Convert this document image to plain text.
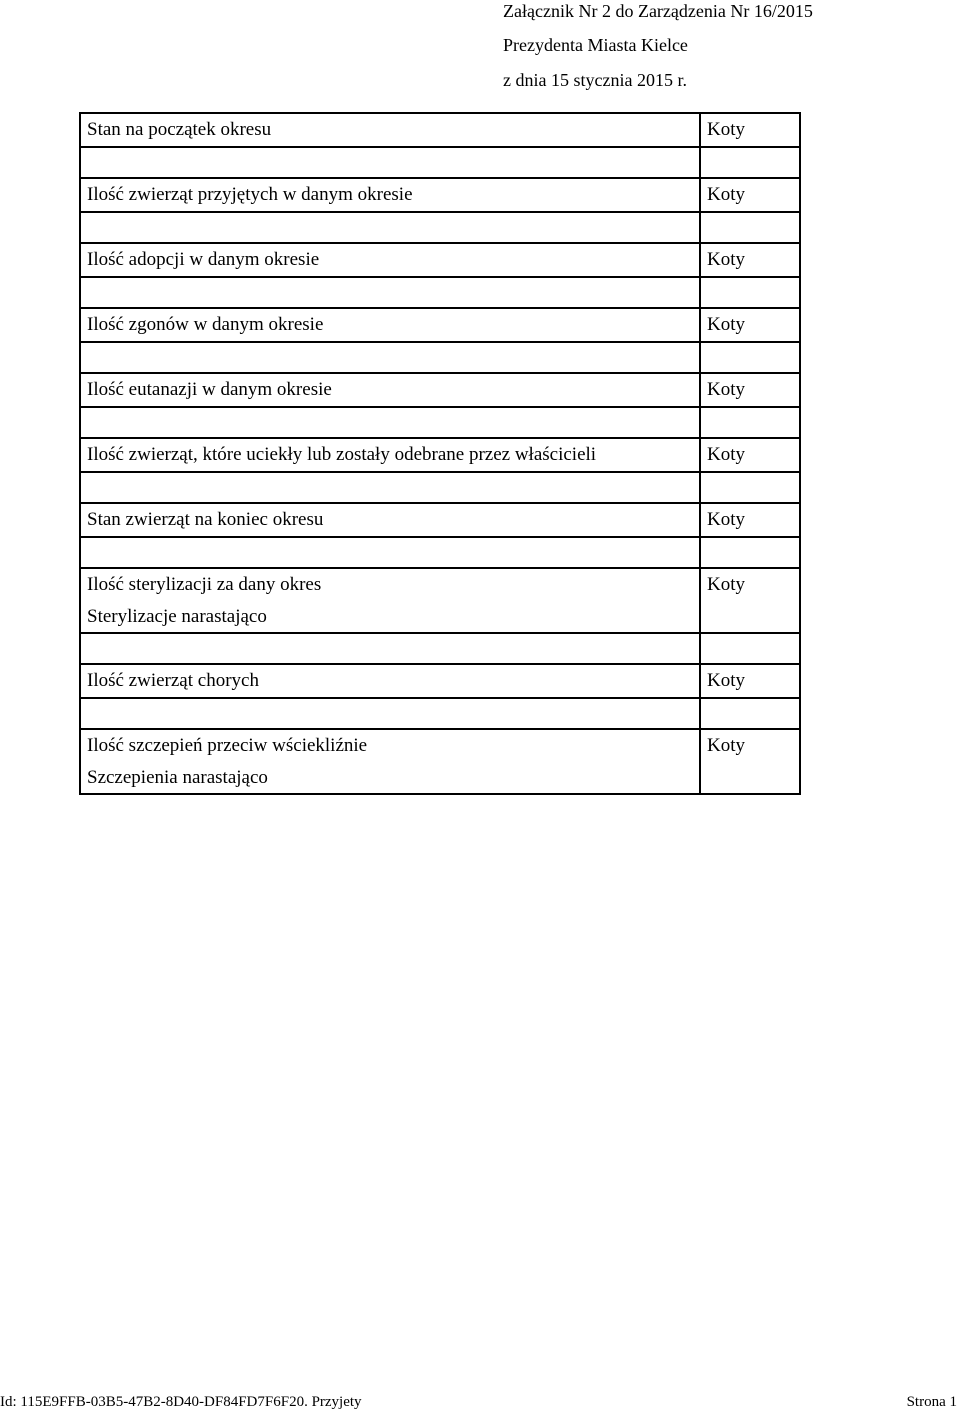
Załącznik Nr 2 do Zarządzenia Nr 16/2015
Prezydenta Miasta Kielce
z dnia 15 stycznia 2015 r.
Stan na początek okresu	Koty

Ilość zwierząt przyjętych w danym okresie	Koty

Ilość adopcji w danym okresie	Koty

Ilość zgonów w danym okresie	Koty

Ilość eutanazji w danym okresie	Koty

Ilość zwierząt, które uciekły lub zostały odebrane przez właścicieli	Koty

Stan zwierząt na koniec okresu	Koty

Ilość sterylizacji za dany okres	Koty
Sterylizacje narastająco	

Ilość zwierząt chorych	Koty

Ilość szczepień przeciw wściekliźnie	Koty
Szczepienia narastająco	
Id: 115E9FFB-03B5-47B2-8D40-DF84FD7F6F20. Przyjety	Strona 1
